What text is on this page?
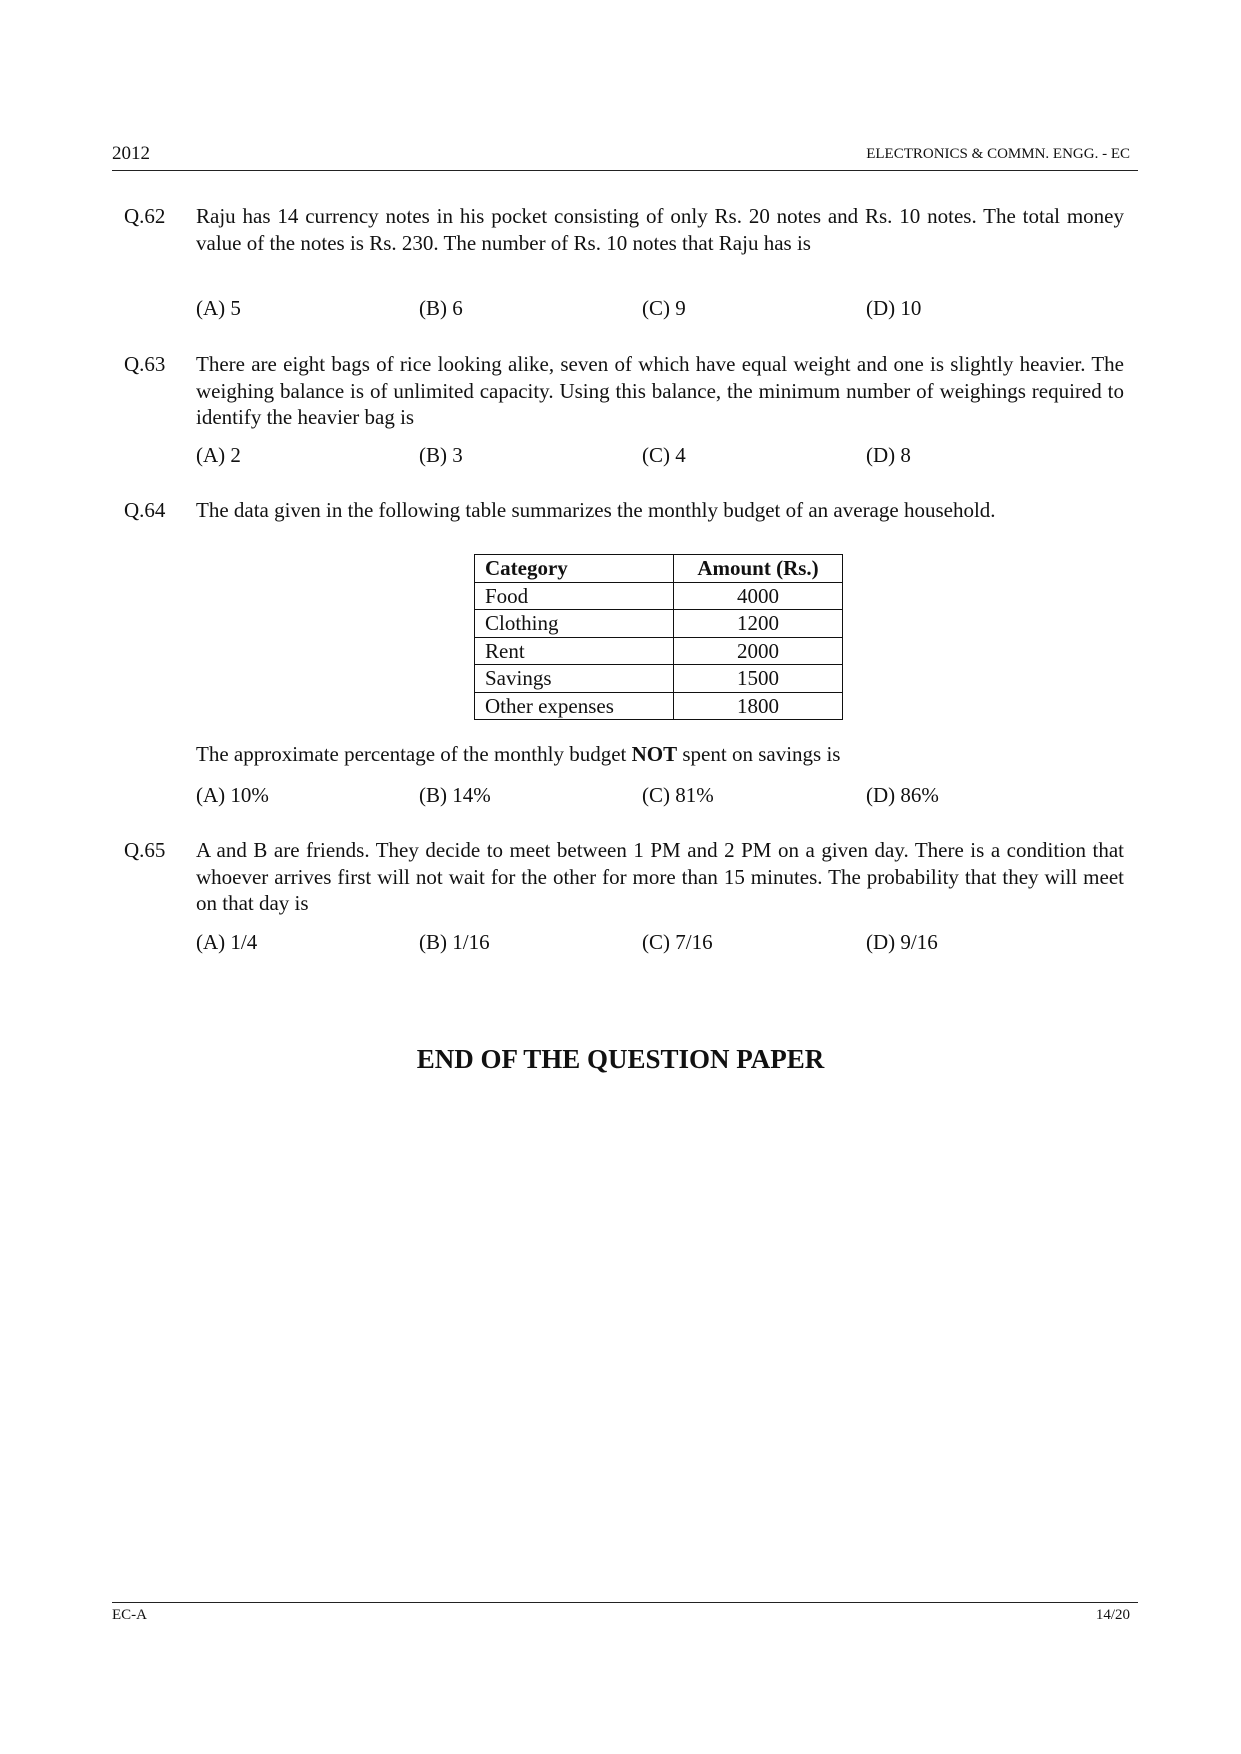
2012	ELECTRONICS & COMMN. ENGG. - EC
Q.62 Raju has 14 currency notes in his pocket consisting of only Rs. 20 notes and Rs. 10 notes. The total money value of the notes is Rs. 230. The number of Rs. 10 notes that Raju has is
(A) 5	(B) 6	(C) 9	(D) 10
Q.63 There are eight bags of rice looking alike, seven of which have equal weight and one is slightly heavier. The weighing balance is of unlimited capacity. Using this balance, the minimum number of weighings required to identify the heavier bag is
(A) 2	(B) 3	(C) 4	(D) 8
Q.64 The data given in the following table summarizes the monthly budget of an average household.
Category	Amount (Rs.)
Food	4000
Clothing	1200
Rent	2000
Savings	1500
Other expenses	1800
The approximate percentage of the monthly budget NOT spent on savings is
(A) 10%	(B) 14%	(C) 81%	(D) 86%
Q.65 A and B are friends. They decide to meet between 1 PM and 2 PM on a given day. There is a condition that whoever arrives first will not wait for the other for more than 15 minutes. The probability that they will meet on that day is
(A) 1/4	(B) 1/16	(C) 7/16	(D) 9/16
END OF THE QUESTION PAPER
EC-A	14/20
